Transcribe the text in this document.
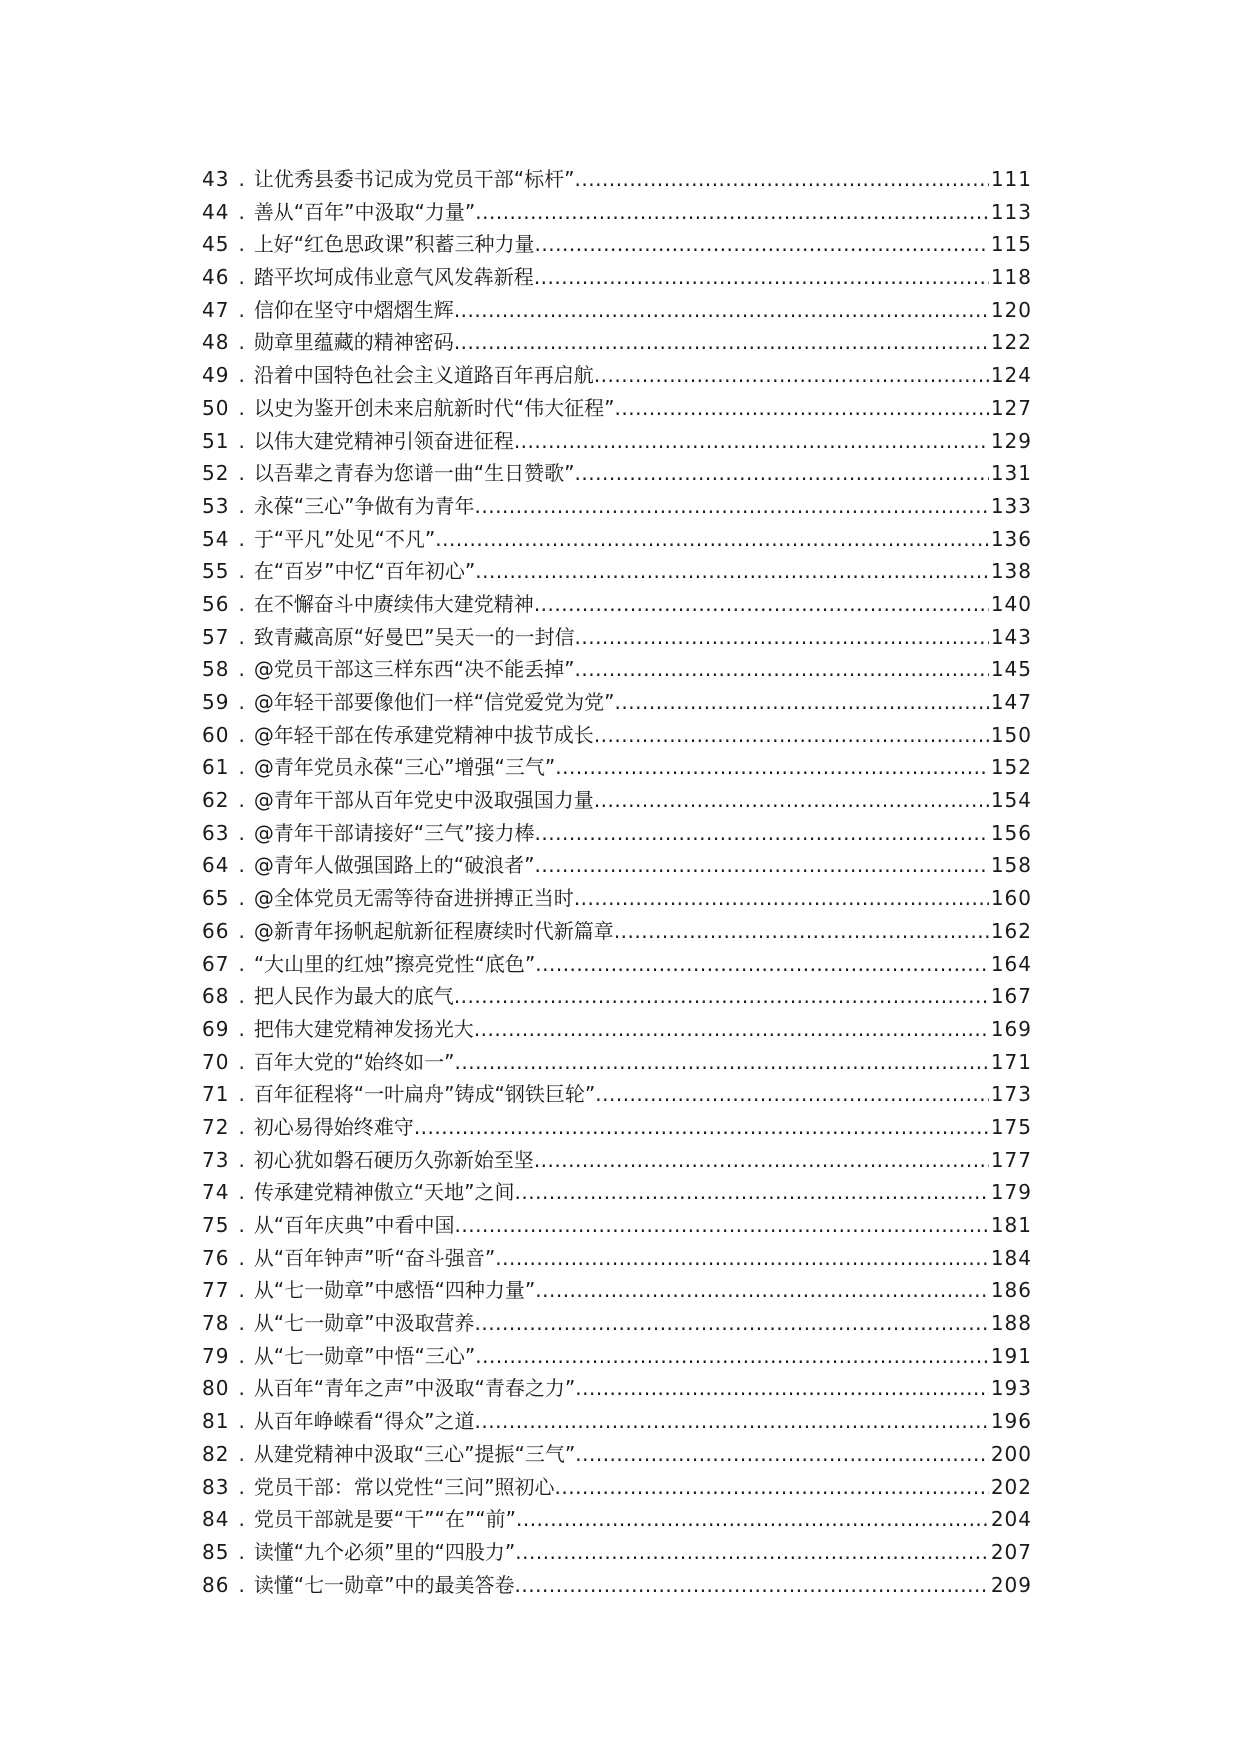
43 . 让优秀县委书记成为党员干部“标杆” .....	111
44 . 善从“百年”中汲取“力量” .....	113
45 . 上好“红色思政课”积蓄三种力量 .....	115
46 . 踏平坎坷成伟业意气风发犇新程 .....	118
47 . 信仰在坚守中熠熠生辉 .....	120
48 . 勋章里蕴藏的精神密码 .....	122
49 . 沿着中国特色社会主义道路百年再启航 .....	124
50 . 以史为鉴开创未来启航新时代“伟大征程” .....	127
51 . 以伟大建党精神引领奋进征程 .....	129
52 . 以吾辈之青春为您谱一曲“生日赞歌” .....	131
53 . 永葆“三心”争做有为青年 .....	133
54 . 于“平凡”处见“不凡” .....	136
55 . 在“百岁”中忆“百年初心” .....	138
56 . 在不懈奋斗中赓续伟大建党精神 .....	140
57 . 致青藏高原“好曼巴”吴天一的一封信 .....	143
58 . @党员干部这三样东西“决不能丢掉” .....	145
59 . @年轻干部要像他们一样“信党爱党为党” .....	147
60 . @年轻干部在传承建党精神中拔节成长 .....	150
61 . @青年党员永葆“三心”增强“三气” .....	152
62 . @青年干部从百年党史中汲取强国力量 .....	154
63 . @青年干部请接好“三气”接力棒 .....	156
64 . @青年人做强国路上的“破浪者” .....	158
65 . @全体党员无需等待奋进拼搏正当时 .....	160
66 . @新青年扬帆起航新征程赓续时代新篇章 .....	162
67 . “大山里的红烛”擦亮党性“底色” .....	164
68 . 把人民作为最大的底气 .....	167
69 . 把伟大建党精神发扬光大 .....	169
70 . 百年大党的“始终如一” .....	171
71 . 百年征程将“一叶扁舟”铸成“钢铁巨轮” .....	173
72 . 初心易得始终难守 .....	175
73 . 初心犹如磐石硬历久弥新始至坚 .....	177
74 . 传承建党精神傲立“天地”之间 .....	179
75 . 从“百年庆典”中看中国 .....	181
76 . 从“百年钟声”听“奋斗强音” .....	184
77 . 从“七一勋章”中感悟“四种力量” .....	186
78 . 从“七一勋章”中汲取营养 .....	188
79 . 从“七一勋章”中悟“三心” .....	191
80 . 从百年“青年之声”中汲取“青春之力” .....	193
81 . 从百年峥嵘看“得众”之道 .....	196
82 . 从建党精神中汲取“三心”提振“三气” .....	200
83 . 党员干部：常以党性“三问”照初心 .....	202
84 . 党员干部就是要“干”“在”“前” .....	204
85 . 读懂“九个必须”里的“四股力” .....	207
86 . 读懂“七一勋章”中的最美答卷 .....	209
